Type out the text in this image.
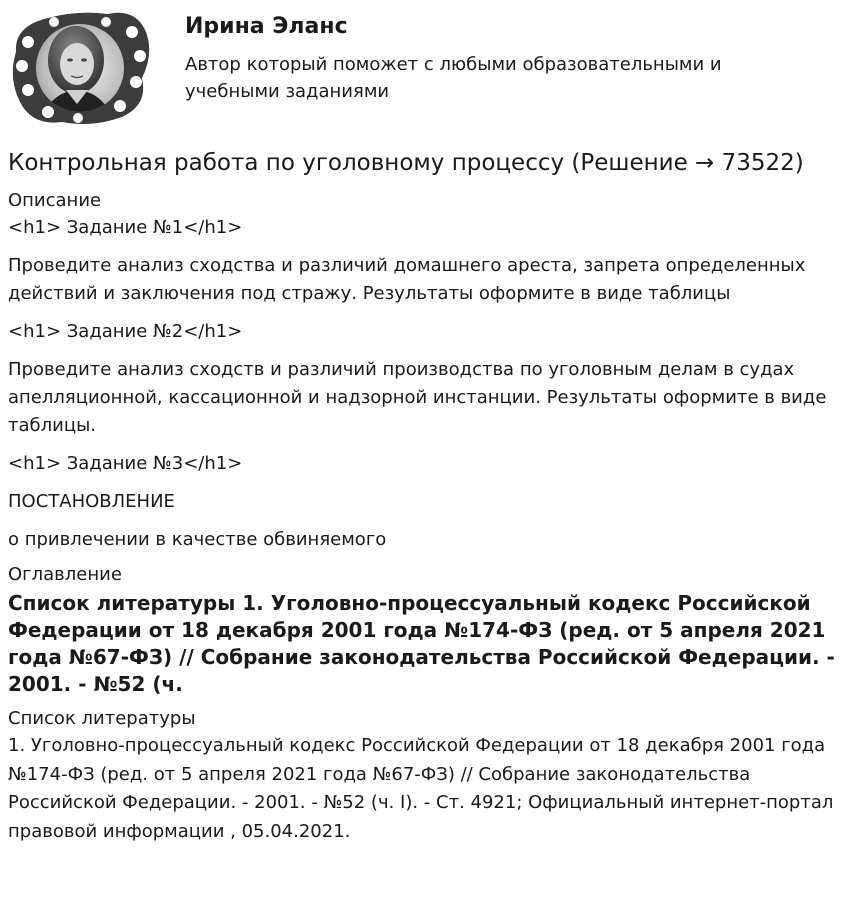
Ирина Эланс
Автор который поможет с любыми образовательными и учебными заданиями
Контрольная работа по уголовному процессу (Решение → 73522)
Описание

<h1> Задание №1</h1>

Проведите анализ сходства и различий домашнего ареста, запрета определенных действий и заключения под стражу. Результаты оформите в виде таблицы

<h1> Задание №2</h1>

Проведите анализ сходств и различий производства по уголовным делам в судах апелляционной, кассационной и надзорной инстанции. Результаты оформите в виде таблицы.

<h1> Задание №3</h1>

ПОСТАНОВЛЕНИЕ

о привлечении в качестве обвиняемого

Оглавление

Список литературы 1. Уголовно-процессуальный кодекс Российской Федерации от 18 декабря 2001 года №174-ФЗ (ред. от 5 апреля 2021 года №67-ФЗ) // Собрание законодательства Российской Федерации. - 2001. - №52 (ч.

Список литературы

1. Уголовно-процессуальный кодекс Российской Федерации от 18 декабря 2001 года №174-ФЗ (ред. от 5 апреля 2021 года №67-ФЗ) // Собрание законодательства Российской Федерации. - 2001. - №52 (ч. I). - Ст. 4921; Официальный интернет-портал правовой информации , 05.04.2021.
